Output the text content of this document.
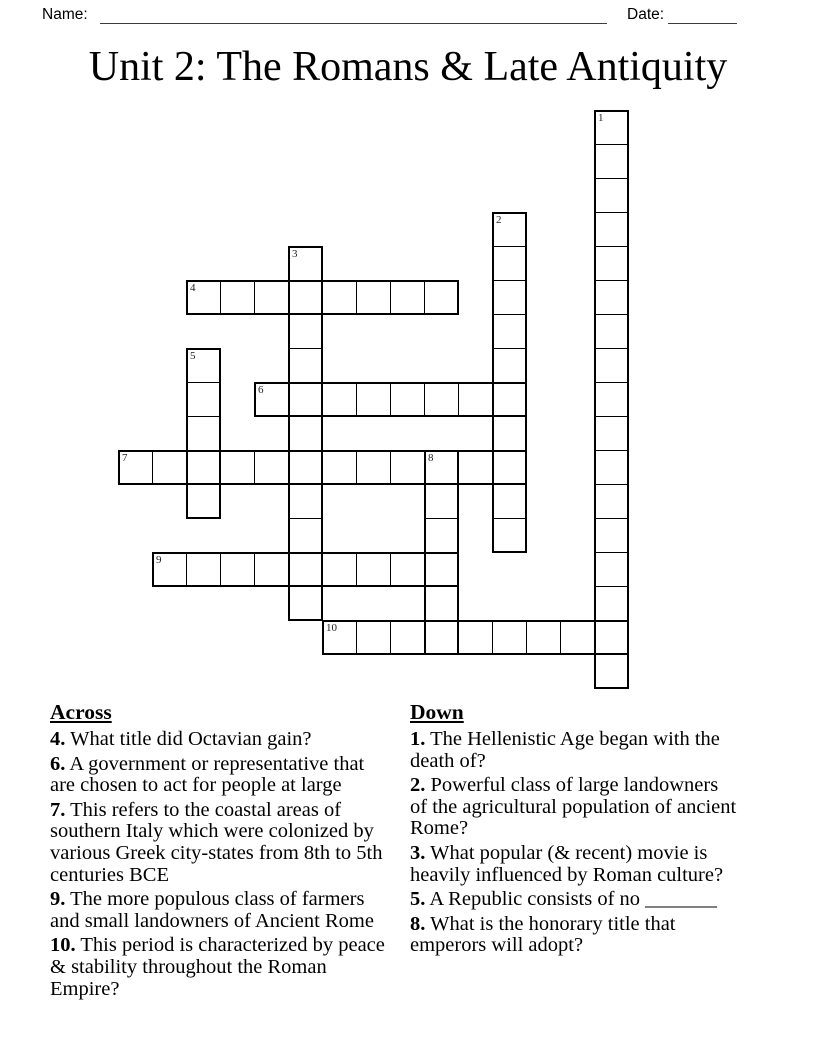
Name:	Date:
Unit 2: The Romans & Late Antiquity
1
2
3
4
5
6
7	8
9
10
Across
4. What title did Octavian gain?
6. A government or representative that are chosen to act for people at large
7. This refers to the coastal areas of southern Italy which were colonized by various Greek city-states from 8th to 5th centuries BCE
9. The more populous class of farmers and small landowners of Ancient Rome
10. This period is characterized by peace & stability throughout the Roman Empire?
Down
1. The Hellenistic Age began with the death of?
2. Powerful class of large landowners of the agricultural population of ancient Rome?
3. What popular (& recent) movie is heavily influenced by Roman culture?
5. A Republic consists of no _______
8. What is the honorary title that emperors will adopt?
